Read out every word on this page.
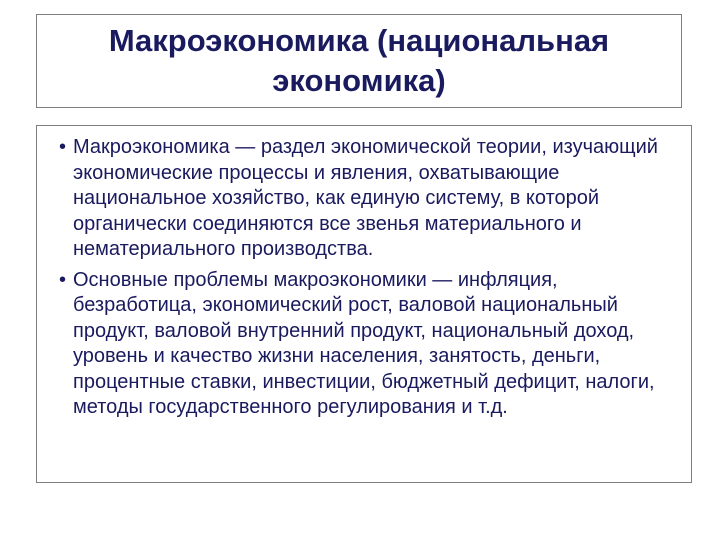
Макроэкономика (национальная
экономика)
• Макроэкономика — раздел экономической теории, изучающий экономические процессы и явления, охватывающие национальное хозяйство, как единую систему, в которой органически соединяются все звенья материального и нематериального производства.
• Основные проблемы макроэкономики — инфляция, безработица, экономический рост, валовой национальный продукт, валовой внутренний продукт, национальный доход, уровень и качество жизни населения, занятость, деньги, процентные ставки, инвестиции, бюджетный дефицит, налоги, методы государственного регулирования и т.д.
